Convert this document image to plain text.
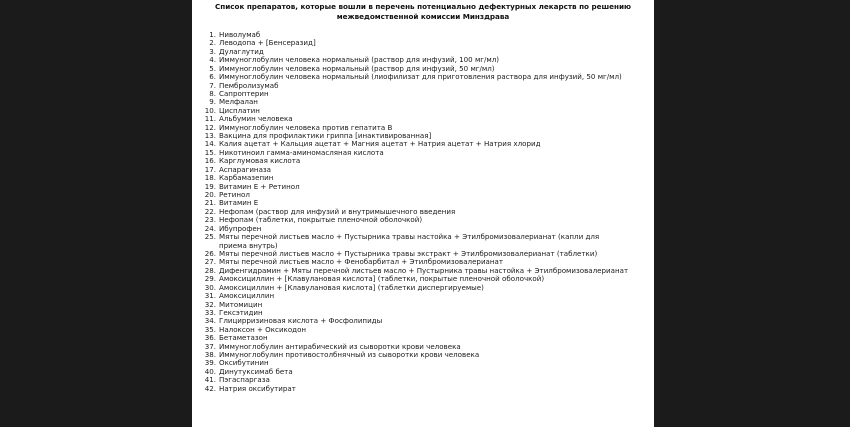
Список препаратов, которые вошли в перечень потенциально дефектурных лекарств по решению
межведомственной комиссии Минздрава
1. Ниволумаб
2. Леводопа + [Бенсеразид]
3. Дулаглутид
4. Иммуноглобулин человека нормальный (раствор для инфузий, 100 мг/мл)
5. Иммуноглобулин человека нормальный (раствор для инфузий, 50 мг/мл)
6. Иммуноглобулин человека нормальный (лиофилизат для приготовления раствора для инфузий, 50 мг/мл)
7. Пембролизумаб
8. Сапроптерин
9. Мелфалан
10. Цисплатин
11. Альбумин человека
12. Иммуноглобулин человека против гепатита В
13. Вакцина для профилактики гриппа [инактивированная]
14. Калия ацетат + Кальция ацетат + Магния ацетат + Натрия ацетат + Натрия хлорид
15. Никотиноил гамма-аминомасляная кислота
16. Карглумовая кислота
17. Аспарагиназа
18. Карбамазепин
19. Витамин Е + Ретинол
20. Ретинол
21. Витамин Е
22. Нефопам (раствор для инфузий и внутримышечного введения
23. Нефопам (таблетки, покрытые пленочной оболочкой)
24. Ибупрофен
25. Мяты перечной листьев масло + Пустырника травы настойка + Этилбромизовалерианат (капли для приема внутрь)
26. Мяты перечной листьев масло + Пустырника травы экстракт + Этилбромизовалерианат (таблетки)
27. Мяты перечной листьев масло + Фенобарбитал + Этилбромизовалерианат
28. Дифенгидрамин + Мяты перечной листьев масло + Пустырника травы настойка + Этилбромизовалерианат
29. Амоксициллин + [Клавулановая кислота] (таблетки, покрытые пленочной оболочкой)
30. Амоксициллин + [Клавулановая кислота] (таблетки диспергируемые)
31. Амоксициллин
32. Митомицин
33. Гексэтидин
34. Глицирризиновая кислота + Фосфолипиды
35. Налоксон + Оксикодон
36. Бетаметазон
37. Иммуноглобулин антирабический из сыворотки крови человека
38. Иммуноглобулин противостолбнячный из сыворотки крови человека
39. Оксибутинин
40. Динутуксимаб бета
41. Пэгаспаргаза
42. Натрия оксибутират
